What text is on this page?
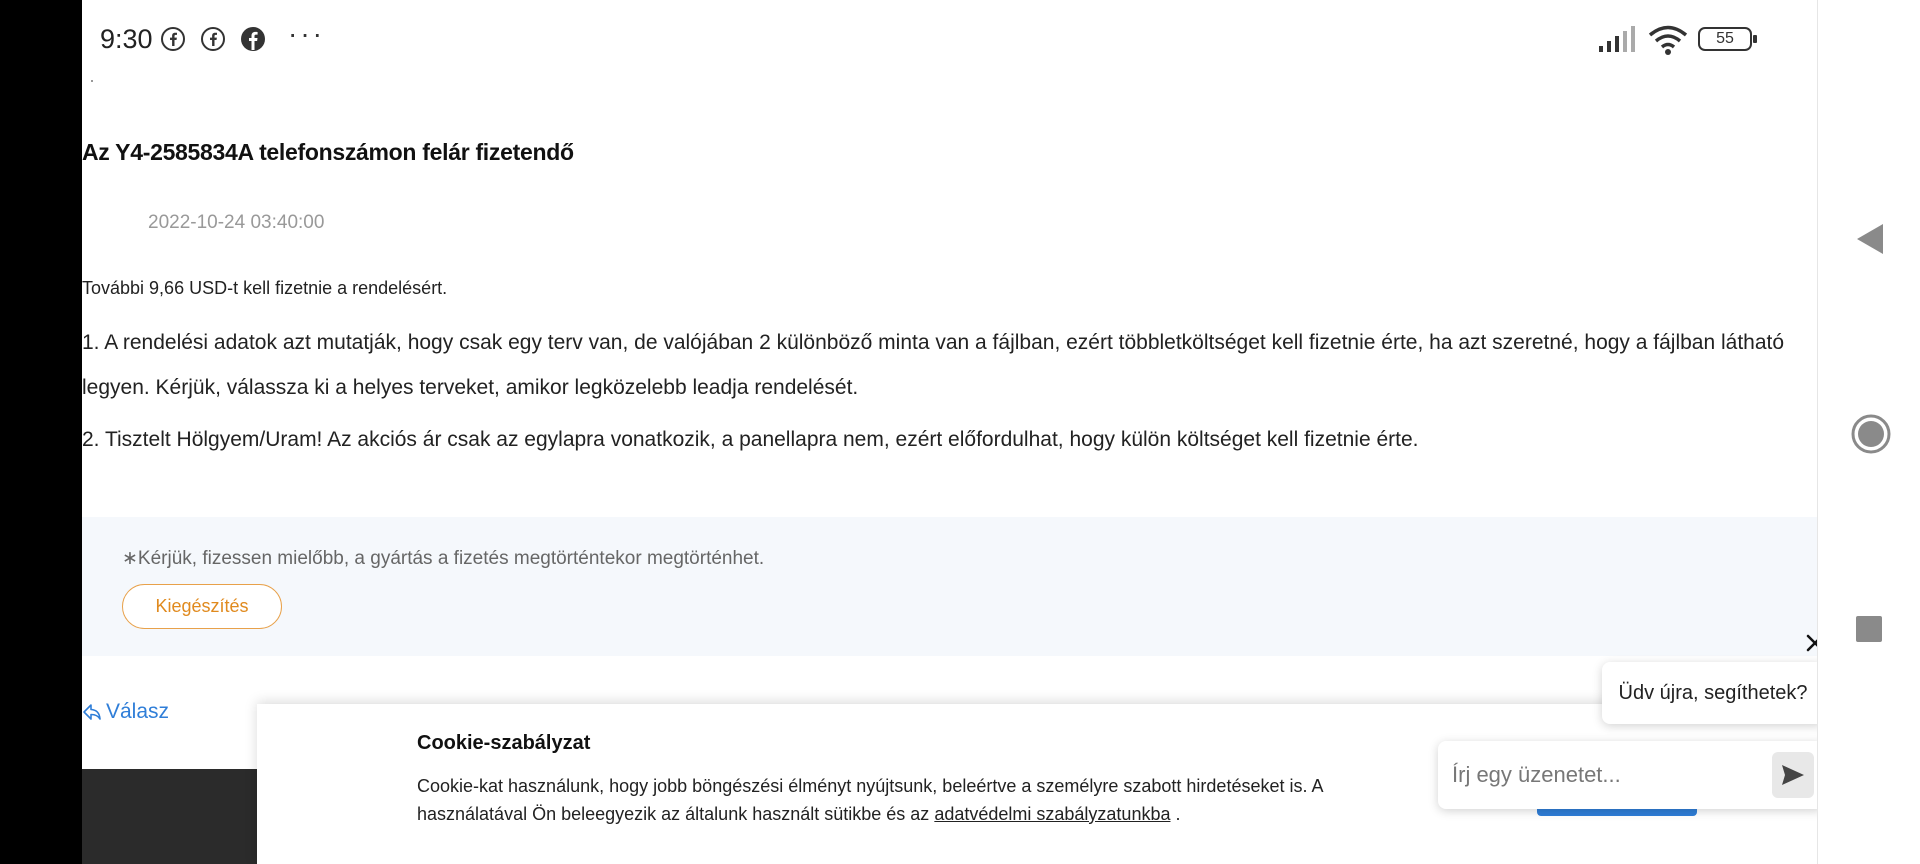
9:30	···	55
Az Y4-2585834A telefonszámon felár fizetendő
2022-10-24 03:40:00
További 9,66 USD-t kell fizetnie a rendelésért.
1. A rendelési adatok azt mutatják, hogy csak egy terv van, de valójában 2 különböző minta van a fájlban, ezért többletköltséget kell fizetnie érte, ha azt szeretné, hogy a fájlban látható legyen. Kérjük, válassza ki a helyes terveket, amikor legközelebb leadja rendelését.
2. Tisztelt Hölgyem/Uram! Az akciós ár csak az egylapra vonatkozik, a panellapra nem, ezért előfordulhat, hogy külön költséget kell fizetnie érte.
∗Kérjük, fizessen mielőbb, a gyártás a fizetés megtörténtekor megtörténhet.
Kiegészítés
Válasz
Cookie-szabályzat
Cookie-kat használunk, hogy jobb böngészési élményt nyújtsunk, beleértve a személyre szabott hirdetéseket is. A
használatával Ön beleegyezik az általunk használt sütikbe és az adatvédelmi szabályzatunkba .
Üdv újra, segíthetek?
Írj egy üzenetet...
